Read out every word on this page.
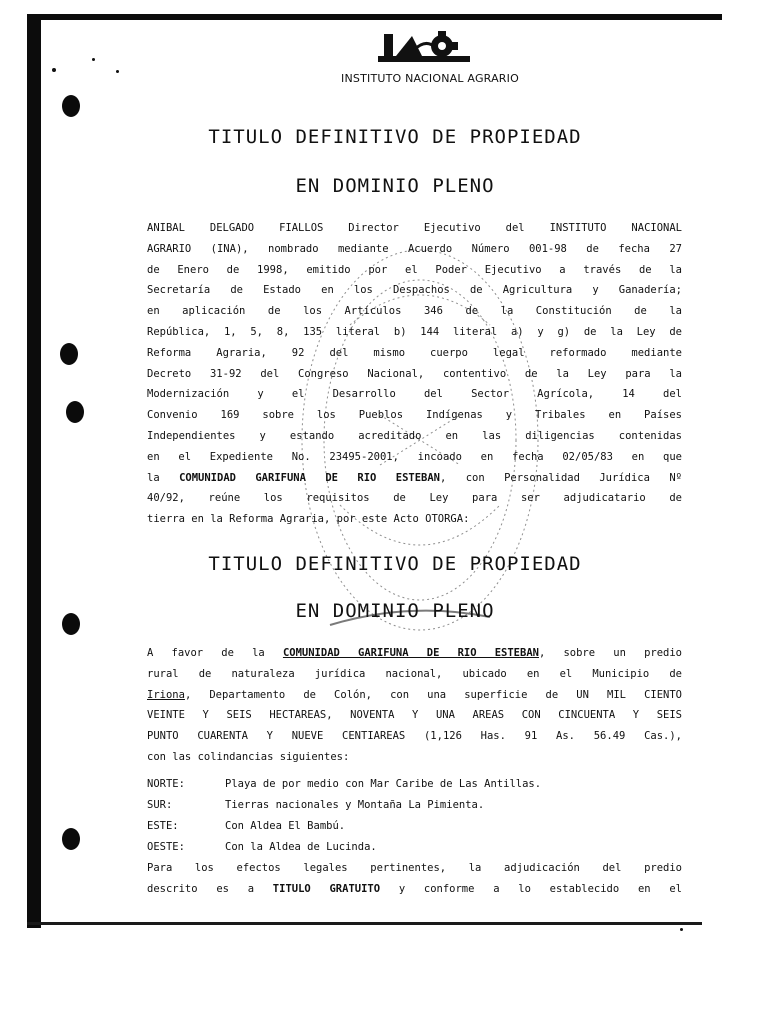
INSTITUTO NACIONAL AGRARIO
TITULO DEFINITIVO DE PROPIEDAD
EN DOMINIO PLENO
ANIBAL DELGADO FIALLOS Director Ejecutivo del INSTITUTO NACIONAL
AGRARIO (INA), nombrado mediante Acuerdo Número 001-98 de fecha 27
de Enero de 1998, emitido por el Poder Ejecutivo a través de la
Secretaría de Estado en los Despachos de Agricultura y Ganadería;
en aplicación de los Artículos 346 de la Constitución de la
República, 1, 5, 8, 135 literal b) 144 literal a) y g) de la Ley de
Reforma Agraria, 92 del mismo cuerpo legal reformado mediante
Decreto 31-92 del Congreso Nacional, contentivo de la Ley para la
Modernización y el Desarrollo del Sector Agrícola, 14 del
Convenio 169 sobre los Pueblos Indígenas y Tribales en Países
Independientes y estando acreditado en las diligencias contenidas
en el Expediente No. 23495-2001, incoado en fecha 02/05/83 en que
la COMUNIDAD GARIFUNA DE RIO ESTEBAN, con Personalidad Jurídica Nº
40/92, reúne los requisitos de Ley para ser adjudicatario de
tierra en la Reforma Agraria, por este Acto OTORGA:
TITULO DEFINITIVO DE PROPIEDAD
EN DOMINIO PLENO
A favor de la COMUNIDAD GARIFUNA DE RIO ESTEBAN, sobre un predio
rural de naturaleza jurídica nacional, ubicado en el Municipio de
Iriona, Departamento de Colón, con una superficie de UN MIL CIENTO
VEINTE Y SEIS HECTAREAS, NOVENTA Y UNA AREAS CON CINCUENTA Y SEIS
PUNTO CUARENTA Y NUEVE CENTIAREAS (1,126 Has. 91 As. 56.49 Cas.),
con las colindancias siguientes:
NORTE:	Playa de por medio con Mar Caribe de Las Antillas.
SUR:	Tierras nacionales y Montaña La Pimienta.
ESTE:	Con Aldea El Bambú.
OESTE:	Con la Aldea de Lucinda.
Para los efectos legales pertinentes, la adjudicación del predio
descrito es a TITULO GRATUITO y conforme a lo establecido en el
